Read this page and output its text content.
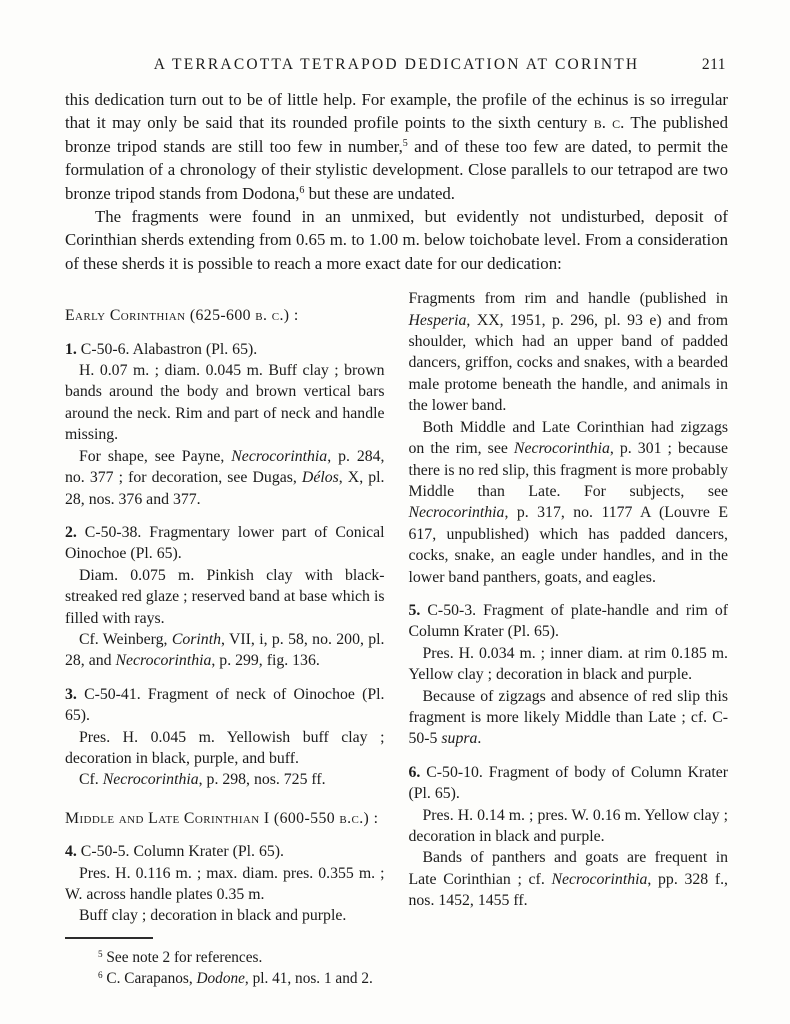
A TERRACOTTA TETRAPOD DEDICATION AT CORINTH	211

this dedication turn out to be of little help. For example, the profile of the echinus is so irregular that it may only be said that its rounded profile points to the sixth century b. c. The published bronze tripod stands are still too few in number,$^5$ and of these too few are dated, to permit the formulation of a chronology of their stylistic development. Close parallels to our tetrapod are two bronze tripod stands from Dodona,$^6$ but these are undated.

The fragments were found in an unmixed, but evidently not undisturbed, deposit of Corinthian sherds extending from 0.65 m. to 1.00 m. below toichobate level. From a consideration of these sherds it is possible to reach a more exact date for our dedication:

Early Corinthian (625-600 b. c.) :

1. C-50-6. Alabastron (Pl. 65).

H. 0.07 m. ; diam. 0.045 m. Buff clay ; brown bands around the body and brown vertical bars around the neck. Rim and part of neck and handle missing.

For shape, see Payne, Necrocorinthia, p. 284, no. 377 ; for decoration, see Dugas, Délos, X, pl. 28, nos. 376 and 377.

2. C-50-38. Fragmentary lower part of Conical Oinochoe (Pl. 65).

Diam. 0.075 m. Pinkish clay with black-streaked red glaze ; reserved band at base which is filled with rays.

Cf. Weinberg, Corinth, VII, i, p. 58, no. 200, pl. 28, and Necrocorinthia, p. 299, fig. 136.

3. C-50-41. Fragment of neck of Oinochoe (Pl. 65).

Pres. H. 0.045 m. Yellowish buff clay ; decoration in black, purple, and buff.

Cf. Necrocorinthia, p. 298, nos. 725 ff.

Middle and Late Corinthian I (600-550 b.c.) :

4. C-50-5. Column Krater (Pl. 65).

Pres. H. 0.116 m. ; max. diam. pres. 0.355 m. ; W. across handle plates 0.35 m.

Buff clay ; decoration in black and purple.

Fragments from rim and handle (published in Hesperia, XX, 1951, p. 296, pl. 93 e) and from shoulder, which had an upper band of padded dancers, griffon, cocks and snakes, with a bearded male protome beneath the handle, and animals in the lower band.

Both Middle and Late Corinthian had zigzags on the rim, see Necrocorinthia, p. 301 ; because there is no red slip, this fragment is more probably Middle than Late. For subjects, see Necrocorinthia, p. 317, no. 1177 A (Louvre E 617, unpublished) which has padded dancers, cocks, snake, an eagle under handles, and in the lower band panthers, goats, and eagles.

5. C-50-3. Fragment of plate-handle and rim of Column Krater (Pl. 65).

Pres. H. 0.034 m. ; inner diam. at rim 0.185 m. Yellow clay ; decoration in black and purple.

Because of zigzags and absence of red slip this fragment is more likely Middle than Late ; cf. C-50-5 supra.

6. C-50-10. Fragment of body of Column Krater (Pl. 65).

Pres. H. 0.14 m. ; pres. W. 0.16 m. Yellow clay ; decoration in black and purple.

Bands of panthers and goats are frequent in Late Corinthian ; cf. Necrocorinthia, pp. 328 f., nos. 1452, 1455 ff.

$^5$ See note 2 for references.

$^6$ C. Carapanos, Dodone, pl. 41, nos. 1 and 2.
